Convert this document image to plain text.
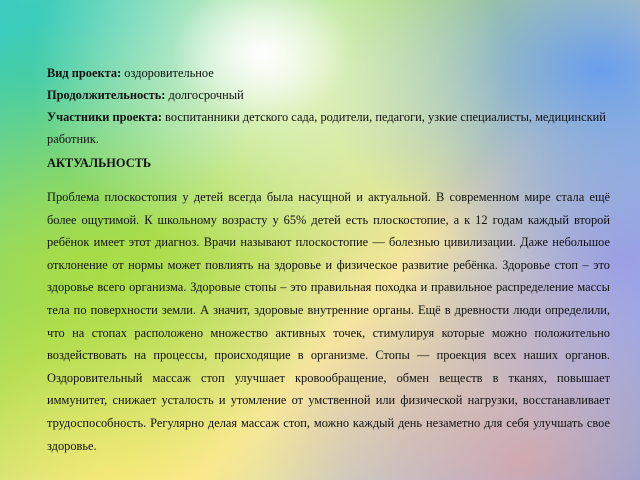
Вид проекта: оздоровительное

Продолжительность: долгосрочный

Участники проекта: воспитанники детского сада, родители, педагоги, узкие специалисты, медицинский работник.

АКТУАЛЬНОСТЬ

Проблема плоскостопия у детей всегда была насущной и актуальной. В современном мире стала ещё более ощутимой. К школьному возрасту у 65% детей есть плоскостопие, а к 12 годам каждый второй ребёнок имеет этот диагноз. Врачи называют плоскостопие — болезнью цивилизации. Даже небольшое отклонение от нормы может повлиять на здоровье и физическое развитие ребёнка. Здоровье стоп – это здоровье всего организма. Здоровые стопы – это правильная походка и правильное распределение массы тела по поверхности земли. А значит, здоровые внутренние органы. Ещё в древности люди определили, что на стопах расположено множество активных точек, стимулируя которые можно положительно воздействовать на процессы, происходящие в организме. Стопы — проекция всех наших органов. Оздоровительный массаж стоп улучшает кровообращение, обмен веществ в тканях, повышает иммунитет, снижает усталость и утомление от умственной или физической нагрузки, восстанавливает трудоспособность. Регулярно делая массаж стоп, можно каждый день незаметно для себя улучшать свое здоровье.
